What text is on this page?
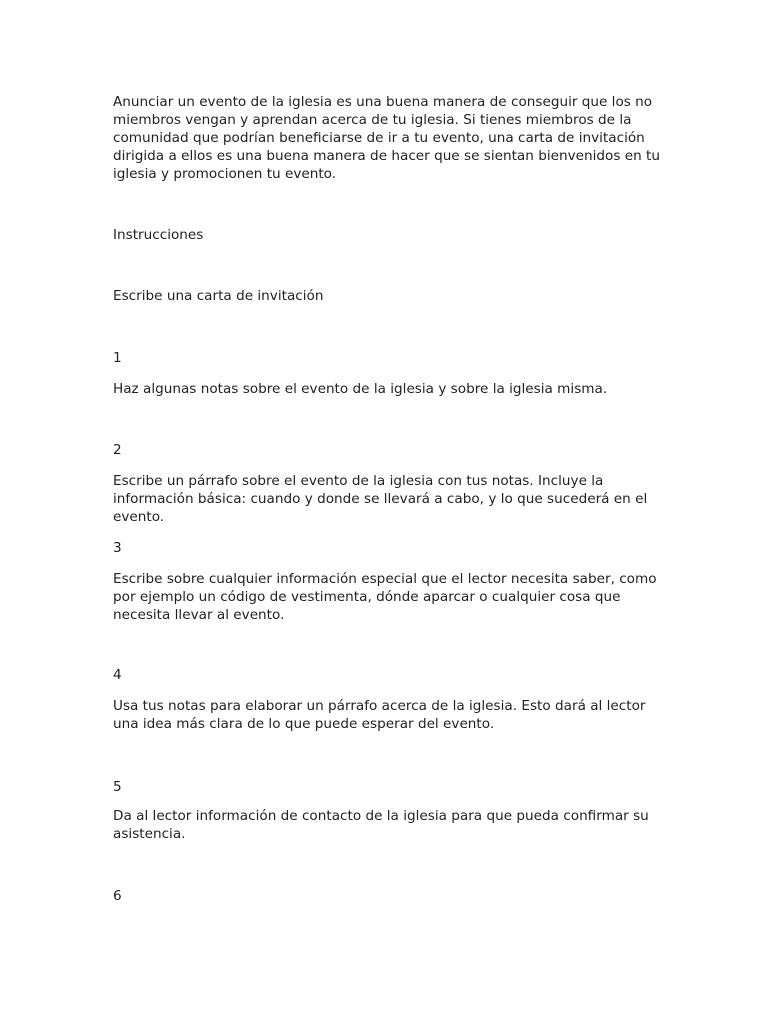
Anunciar un evento de la iglesia es una buena manera de conseguir que los no miembros vengan y aprendan acerca de tu iglesia. Si tienes miembros de la comunidad que podrían beneficiarse de ir a tu evento, una carta de invitación dirigida a ellos es una buena manera de hacer que se sientan bienvenidos en tu iglesia y promocionen tu evento.

Instrucciones

Escribe una carta de invitación

1

Haz algunas notas sobre el evento de la iglesia y sobre la iglesia misma.

2

Escribe un párrafo sobre el evento de la iglesia con tus notas. Incluye la información básica: cuando y donde se llevará a cabo, y lo que sucederá en el evento.

3

Escribe sobre cualquier información especial que el lector necesita saber, como por ejemplo un código de vestimenta, dónde aparcar o cualquier cosa que necesita llevar al evento.

4

Usa tus notas para elaborar un párrafo acerca de la iglesia. Esto dará al lector una idea más clara de lo que puede esperar del evento.

5

Da al lector información de contacto de la iglesia para que pueda confirmar su asistencia.

6
